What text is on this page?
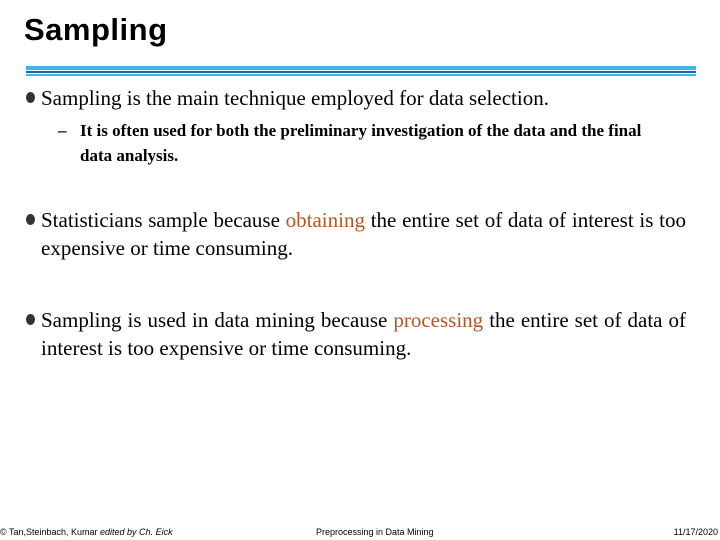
Sampling
Sampling is the main technique employed for data selection.
– It is often used for both the preliminary investigation of the data and the final data analysis.
Statisticians sample because obtaining the entire set of data of interest is too expensive or time consuming.
Sampling is used in data mining because processing the entire set of data of interest is too expensive or time consuming.
© Tan,Steinbach, Kumar edited by Ch. Eick	Preprocessing in Data Mining	11/17/2020
